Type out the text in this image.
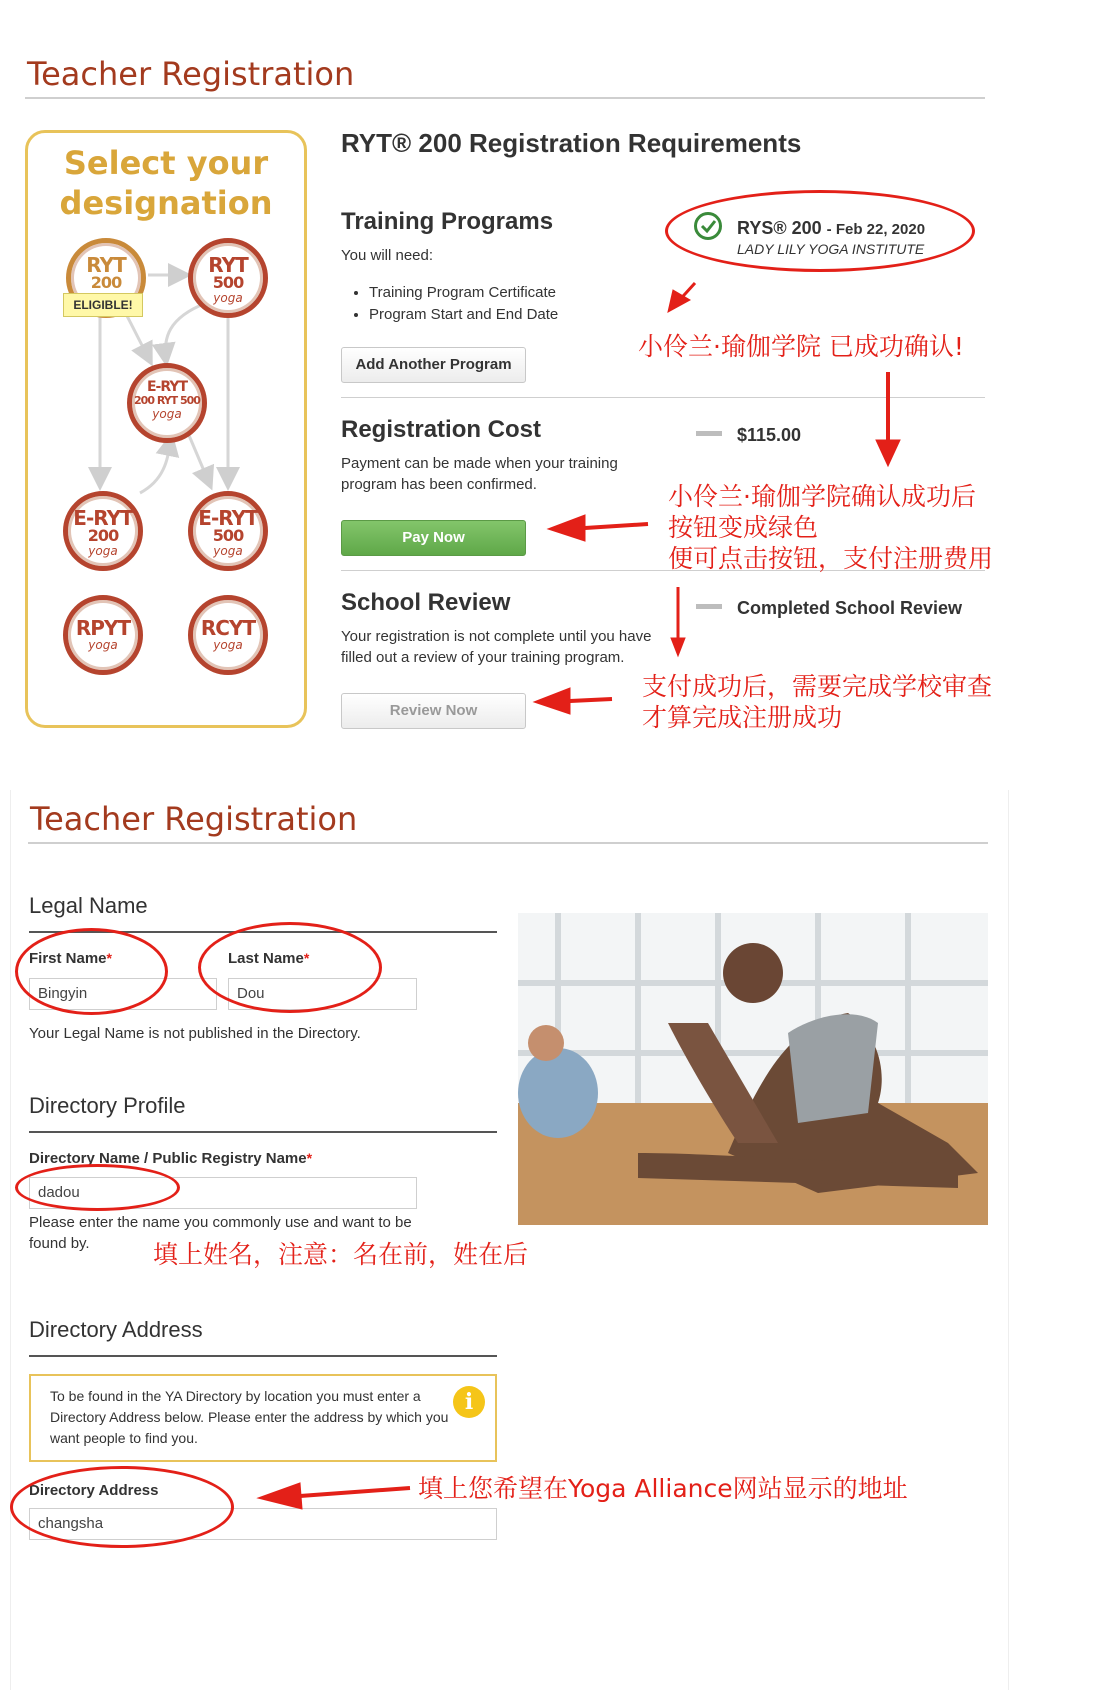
Teacher Registration
Select your designation
RYT
200
ELIGIBLE!
RYT
500
yoga
E-RYT
200 RYT 500
yoga
E-RYT
200
yoga
E-RYT
500
yoga
RPYT
yoga
RCYT
yoga
RYT® 200 Registration Requirements
Training Programs
You will need:
• Training Program Certificate
• Program Start and End Date
Add Another Program
RYS® 200 - Feb 22, 2020
LADY LILY YOGA INSTITUTE
Registration Cost
Payment can be made when your training program has been confirmed.
$115.00
Pay Now
School Review
Your registration is not complete until you have filled out a review of your training program.
Completed School Review
Review Now
小伶兰·瑜伽学院 已成功确认!
小伶兰·瑜伽学院确认成功后
按钮变成绿色
便可点击按钮，支付注册费用
支付成功后，需要完成学校审查
才算完成注册成功
Teacher Registration
Legal Name
First Name*
Bingyin
Last Name*
Dou
Your Legal Name is not published in the Directory.
Directory Profile
Directory Name / Public Registry Name*
dadou
Please enter the name you commonly use and want to be found by.
Directory Address
To be found in the YA Directory by location you must enter a Directory Address below. Please enter the address by which you want people to find you.
i
Directory Address
changsha
填上姓名，注意：名在前，姓在后
填上您希望在Yoga Alliance网站显示的地址
